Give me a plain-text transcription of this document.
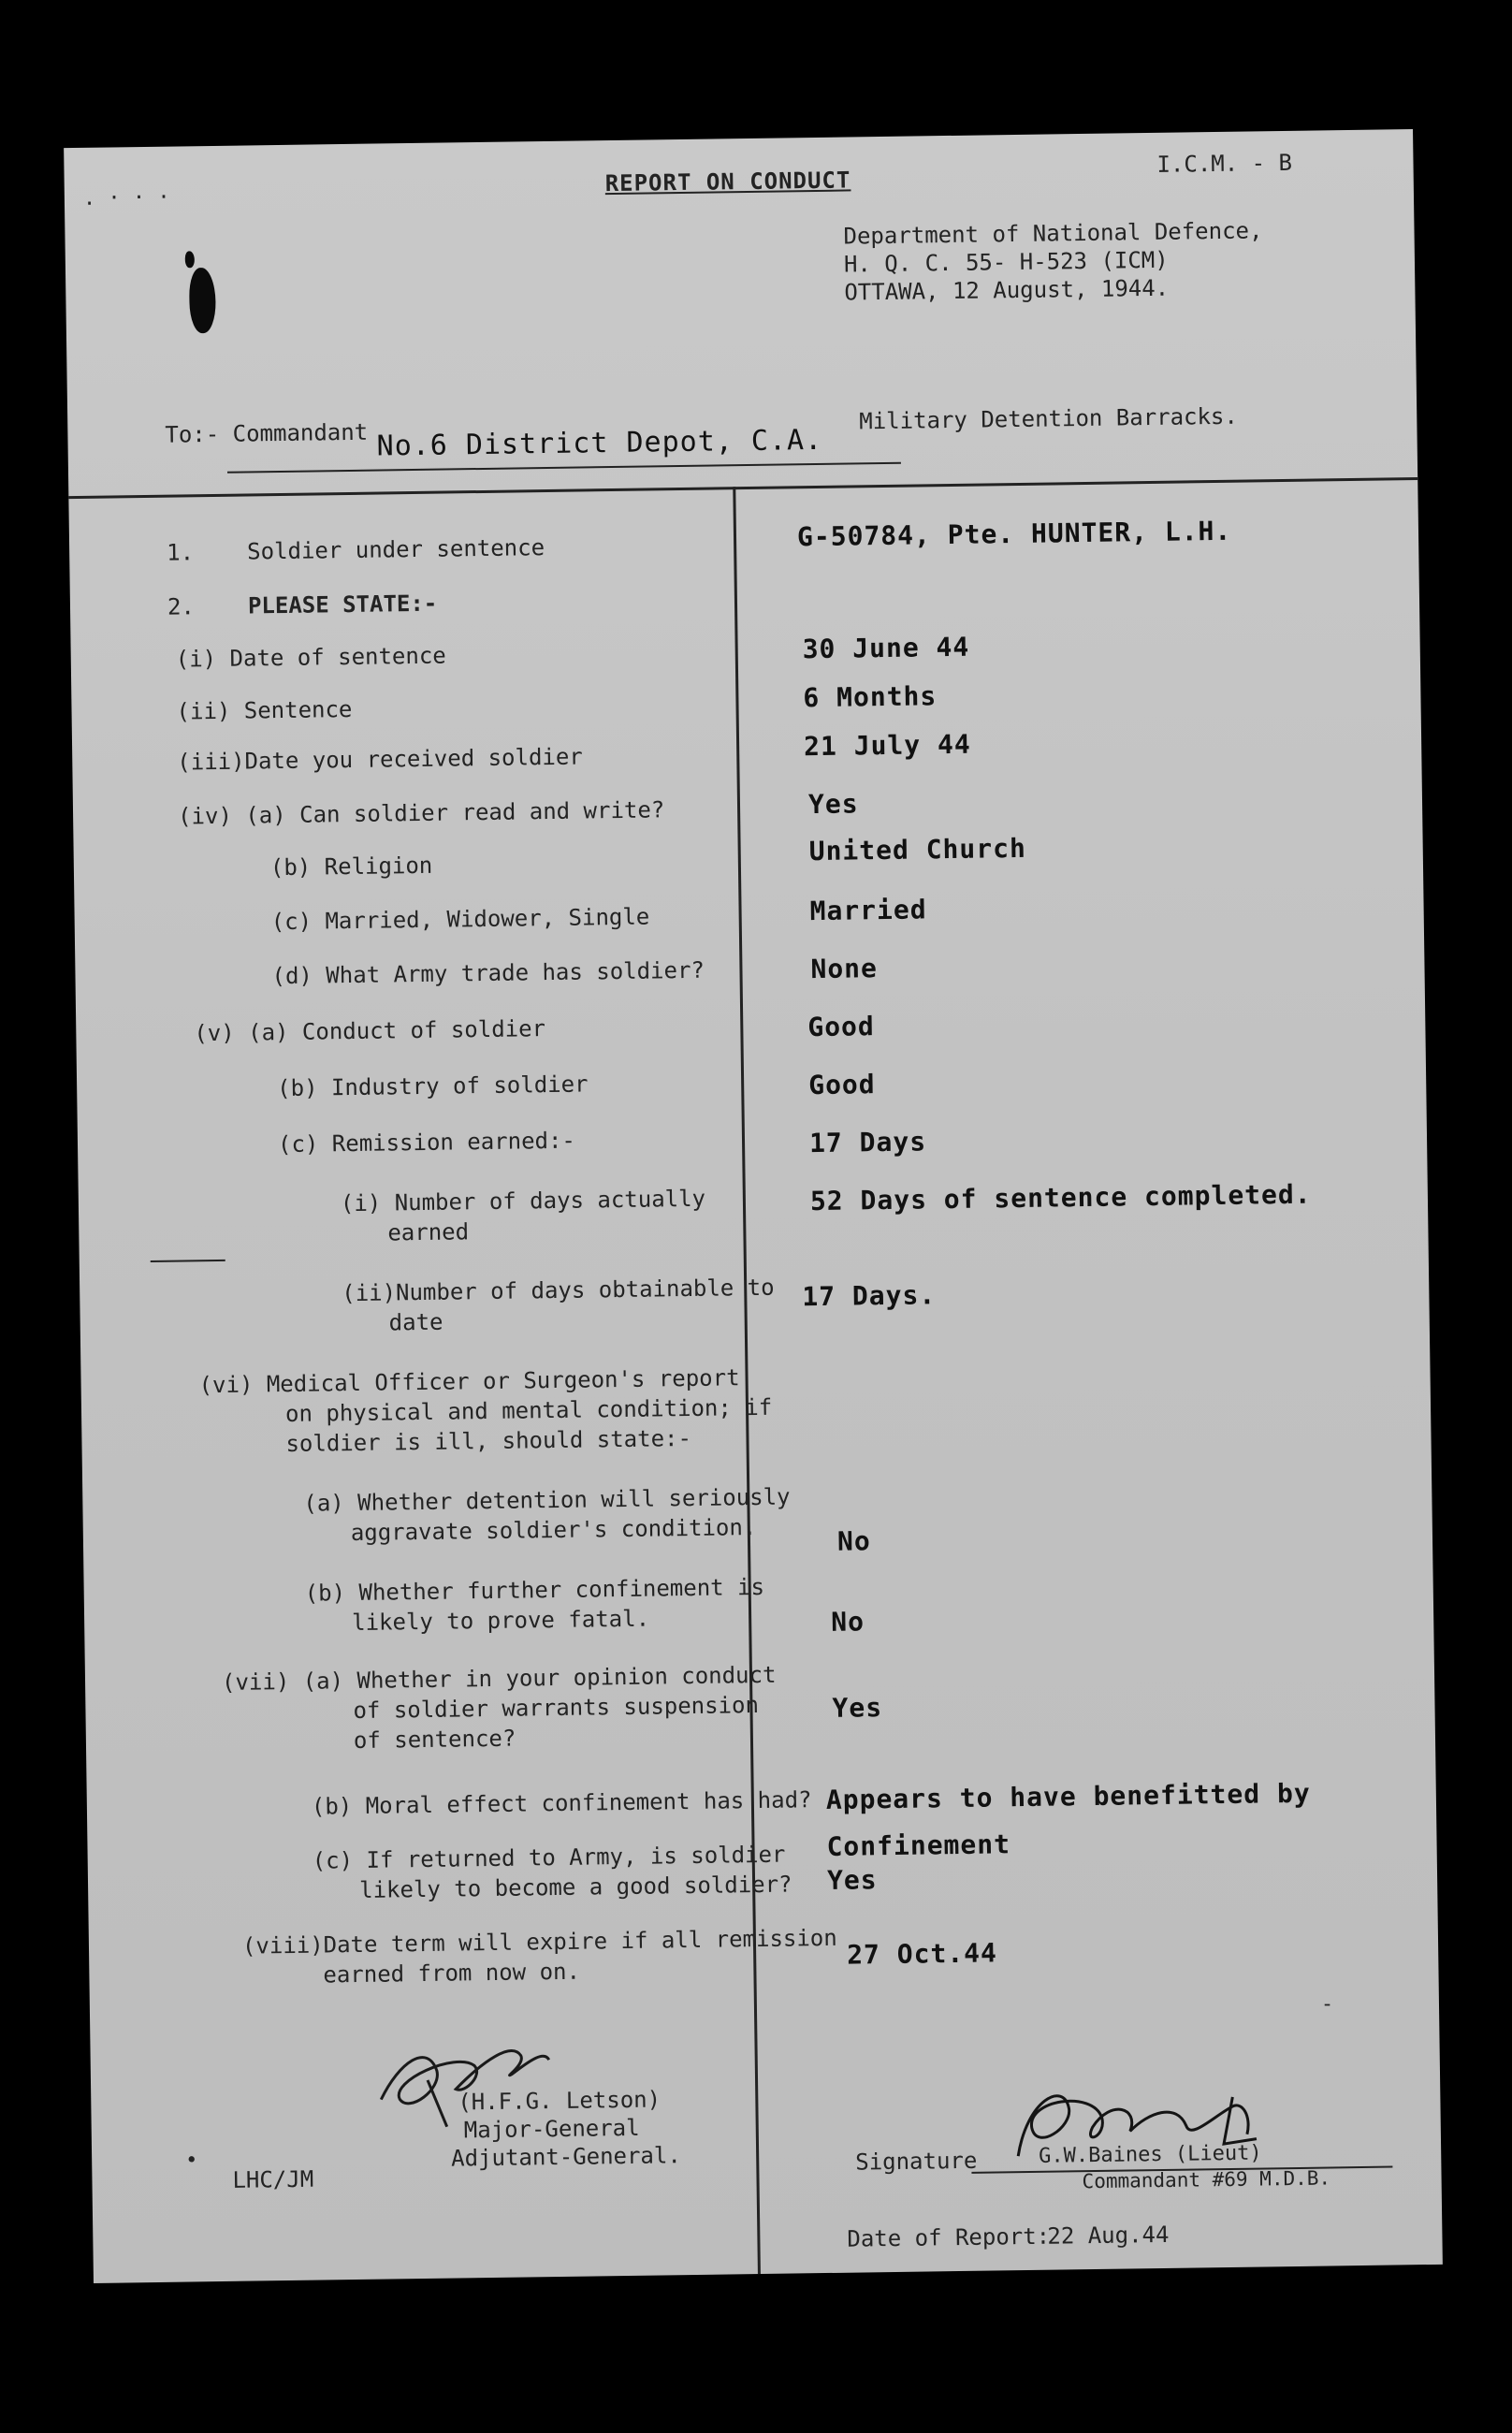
. · · ·
REPORT ON CONDUCT
I.C.M. - B
Department of National Defence,
H. Q. C. 55- H-523 (ICM)
OTTAWA, 12 August, 1944.
To:- Commandant No.6 District Depot, C.A.
Military Detention Barracks.
1. Soldier under sentence
2. PLEASE STATE:-
(i) Date of sentence
(ii) Sentence
(iii)Date you received soldier
(iv) (a) Can soldier read and write?
(b) Religion
(c) Married, Widower, Single
(d) What Army trade has soldier?
(v) (a) Conduct of soldier
(b) Industry of soldier
(c) Remission earned:-
(i) Number of days actually
earned
(ii)Number of days obtainable to
date
(vi) Medical Officer or Surgeon's report
on physical and mental condition; if
soldier is ill, should state:-
(a) Whether detention will seriously
aggravate soldier's condition.
(b) Whether further confinement is
likely to prove fatal.
(vii) (a) Whether in your opinion conduct
of soldier warrants suspension
of sentence?
(b) Moral effect confinement has had?
(c) If returned to Army, is soldier
likely to become a good soldier?
(viii)Date term will expire if all remission
earned from now on.
G-50784, Pte. HUNTER, L.H.
30 June 44
6 Months
21 July 44
Yes
United Church
Married
None
Good
Good
17 Days
52 Days of sentence completed.
17 Days.
No
No
Yes
Appears to have benefitted by
Confinement
Yes
27 Oct.44
(H.F.G. Letson)
Major-General
Adjutant-General.
LHC/JM
•	Signature	G.W.Baines (Lieut)
Commandant #69 M.D.B.
Date of Report:
22 Aug.44
-
